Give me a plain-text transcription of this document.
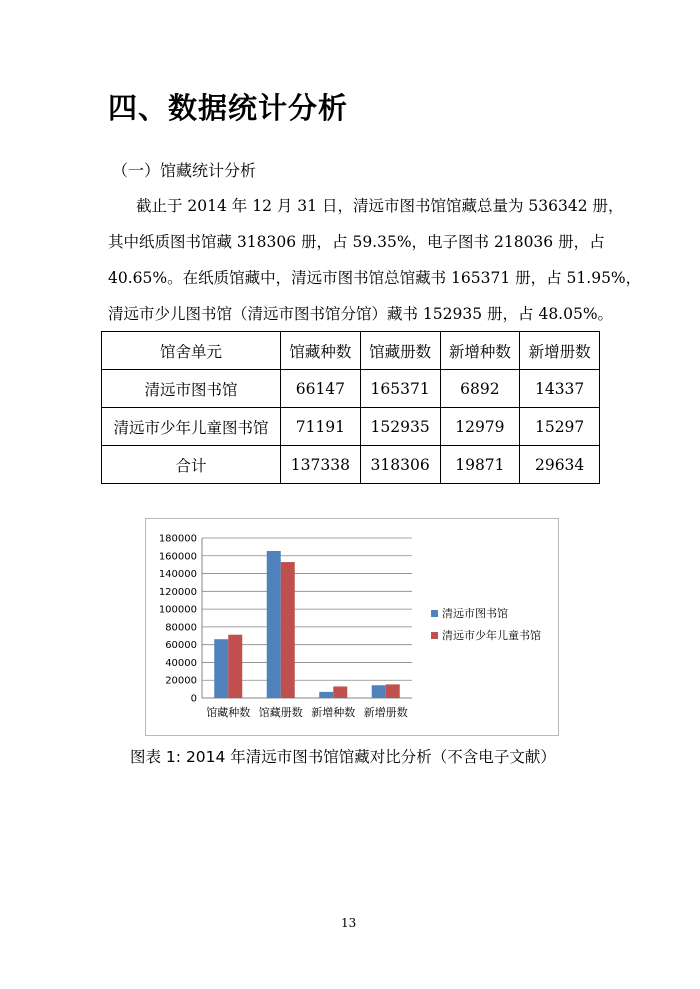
四、数据统计分析
（一）馆藏统计分析

截止于 2014 年 12 月 31 日，清远市图书馆馆藏总量为 536342 册，
其中纸质图书馆藏 318306 册，占 59.35%，电子图书 218036 册，占
40.65%。在纸质馆藏中，清远市图书馆总馆藏书 165371 册，占 51.95%，
清远市少儿图书馆（清远市图书馆分馆）藏书 152935 册，占 48.05%。

馆舍单元	馆藏种数	馆藏册数	新增种数	新增册数
清远市图书馆	66147	165371	6892	14337
清远市少年儿童图书馆	71191	152935	12979	15297
合计	137338	318306	19871	29634
0
20000
40000
60000
80000
100000
120000
140000
160000
180000
馆藏种数 馆藏册数 新增种数 新增册数
清远市图书馆
清远市少年儿童书馆
图表 1: 2014 年清远市图书馆馆藏对比分析（不含电子文献）
13
